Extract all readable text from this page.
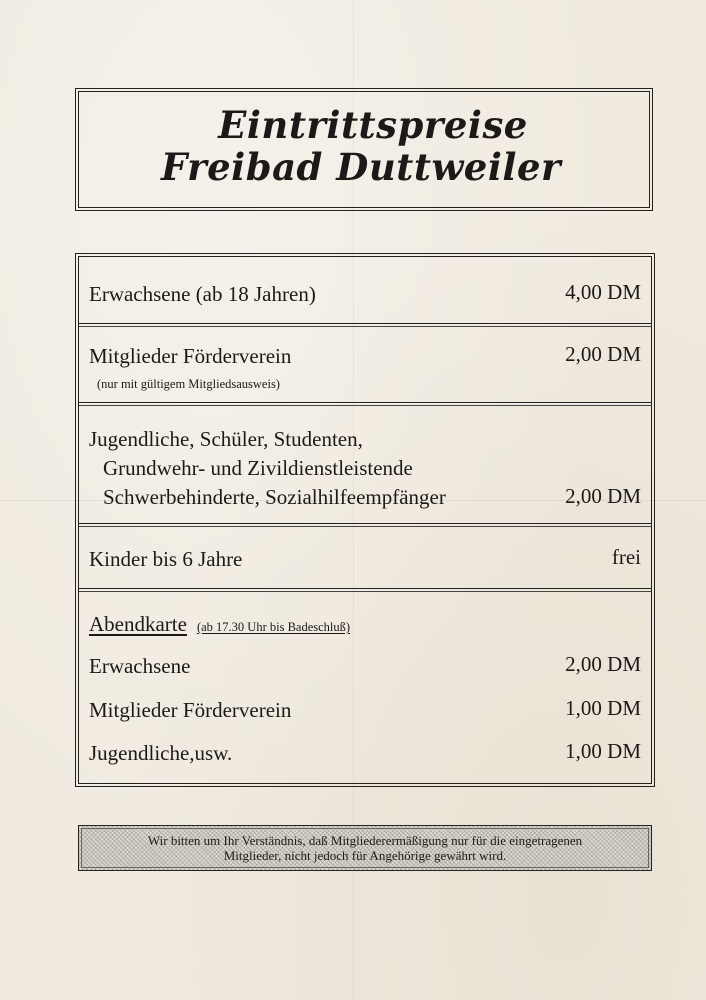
Eintrittspreise
Freibad Duttweiler
Erwachsene (ab 18 Jahren)	4,00 DM
Mitglieder Förderverein	2,00 DM
(nur mit gültigem Mitgliedsausweis)
Jugendliche, Schüler, Studenten,
Grundwehr- und Zivildienstleistende
Schwerbehinderte, Sozialhilfeempfänger	2,00 DM
Kinder bis 6 Jahre	frei
Abendkarte (ab 17.30 Uhr bis Badeschluß)
Erwachsene	2,00 DM
Mitglieder Förderverein	1,00 DM
Jugendliche,usw.	1,00 DM
Wir bitten um Ihr Verständnis, daß Mitgliederermäßigung nur für die eingetragenen
Mitglieder, nicht jedoch für Angehörige gewährt wird.
